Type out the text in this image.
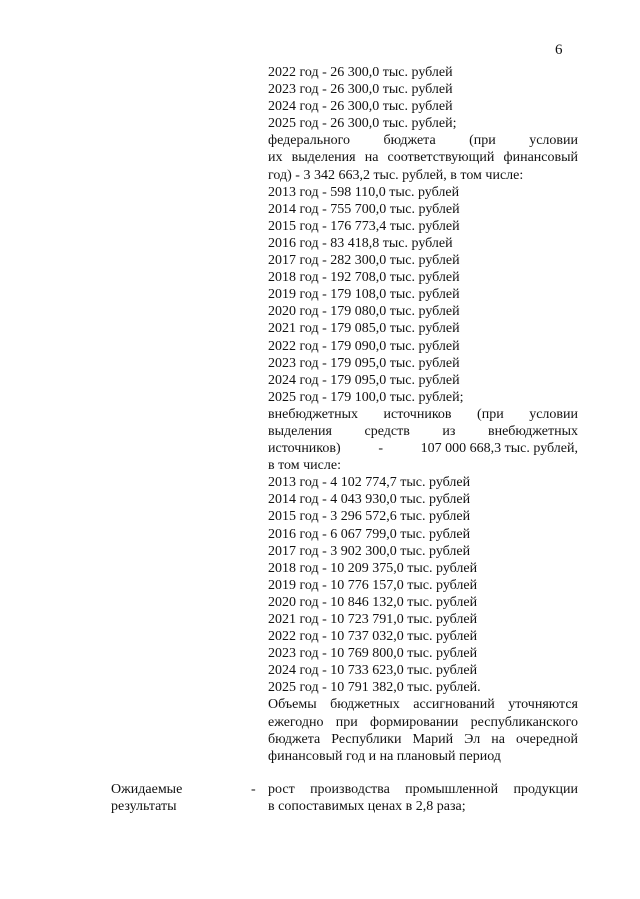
6
2022 год - 26 300,0 тыс. рублей
2023 год - 26 300,0 тыс. рублей
2024 год - 26 300,0 тыс. рублей
2025 год - 26 300,0 тыс. рублей;
федерального бюджета (при условии
их выделения на соответствующий финансовый
год) - 3 342 663,2 тыс. рублей, в том числе:
2013 год - 598 110,0 тыс. рублей
2014 год - 755 700,0 тыс. рублей
2015 год - 176 773,4 тыс. рублей
2016 год - 83 418,8 тыс. рублей
2017 год - 282 300,0 тыс. рублей
2018 год - 192 708,0 тыс. рублей
2019 год - 179 108,0 тыс. рублей
2020 год - 179 080,0 тыс. рублей
2021 год - 179 085,0 тыс. рублей
2022 год - 179 090,0 тыс. рублей
2023 год - 179 095,0 тыс. рублей
2024 год - 179 095,0 тыс. рублей
2025 год - 179 100,0 тыс. рублей;
внебюджетных источников (при условии
выделения средств из внебюджетных
источников)	-	107 000 668,3 тыс. рублей,
в том числе:
2013 год - 4 102 774,7 тыс. рублей
2014 год - 4 043 930,0 тыс. рублей
2015 год - 3 296 572,6 тыс. рублей
2016 год - 6 067 799,0 тыс. рублей
2017 год - 3 902 300,0 тыс. рублей
2018 год - 10 209 375,0 тыс. рублей
2019 год - 10 776 157,0 тыс. рублей
2020 год - 10 846 132,0 тыс. рублей
2021 год - 10 723 791,0 тыс. рублей
2022 год - 10 737 032,0 тыс. рублей
2023 год - 10 769 800,0 тыс. рублей
2024 год - 10 733 623,0 тыс. рублей
2025 год - 10 791 382,0 тыс. рублей.
Объемы бюджетных ассигнований уточняются
ежегодно при формировании республиканского
бюджета Республики Марий Эл на очередной
финансовый год и на плановый период
Ожидаемые
результаты
- рост производства промышленной продукции
в сопоставимых ценах в 2,8 раза;
